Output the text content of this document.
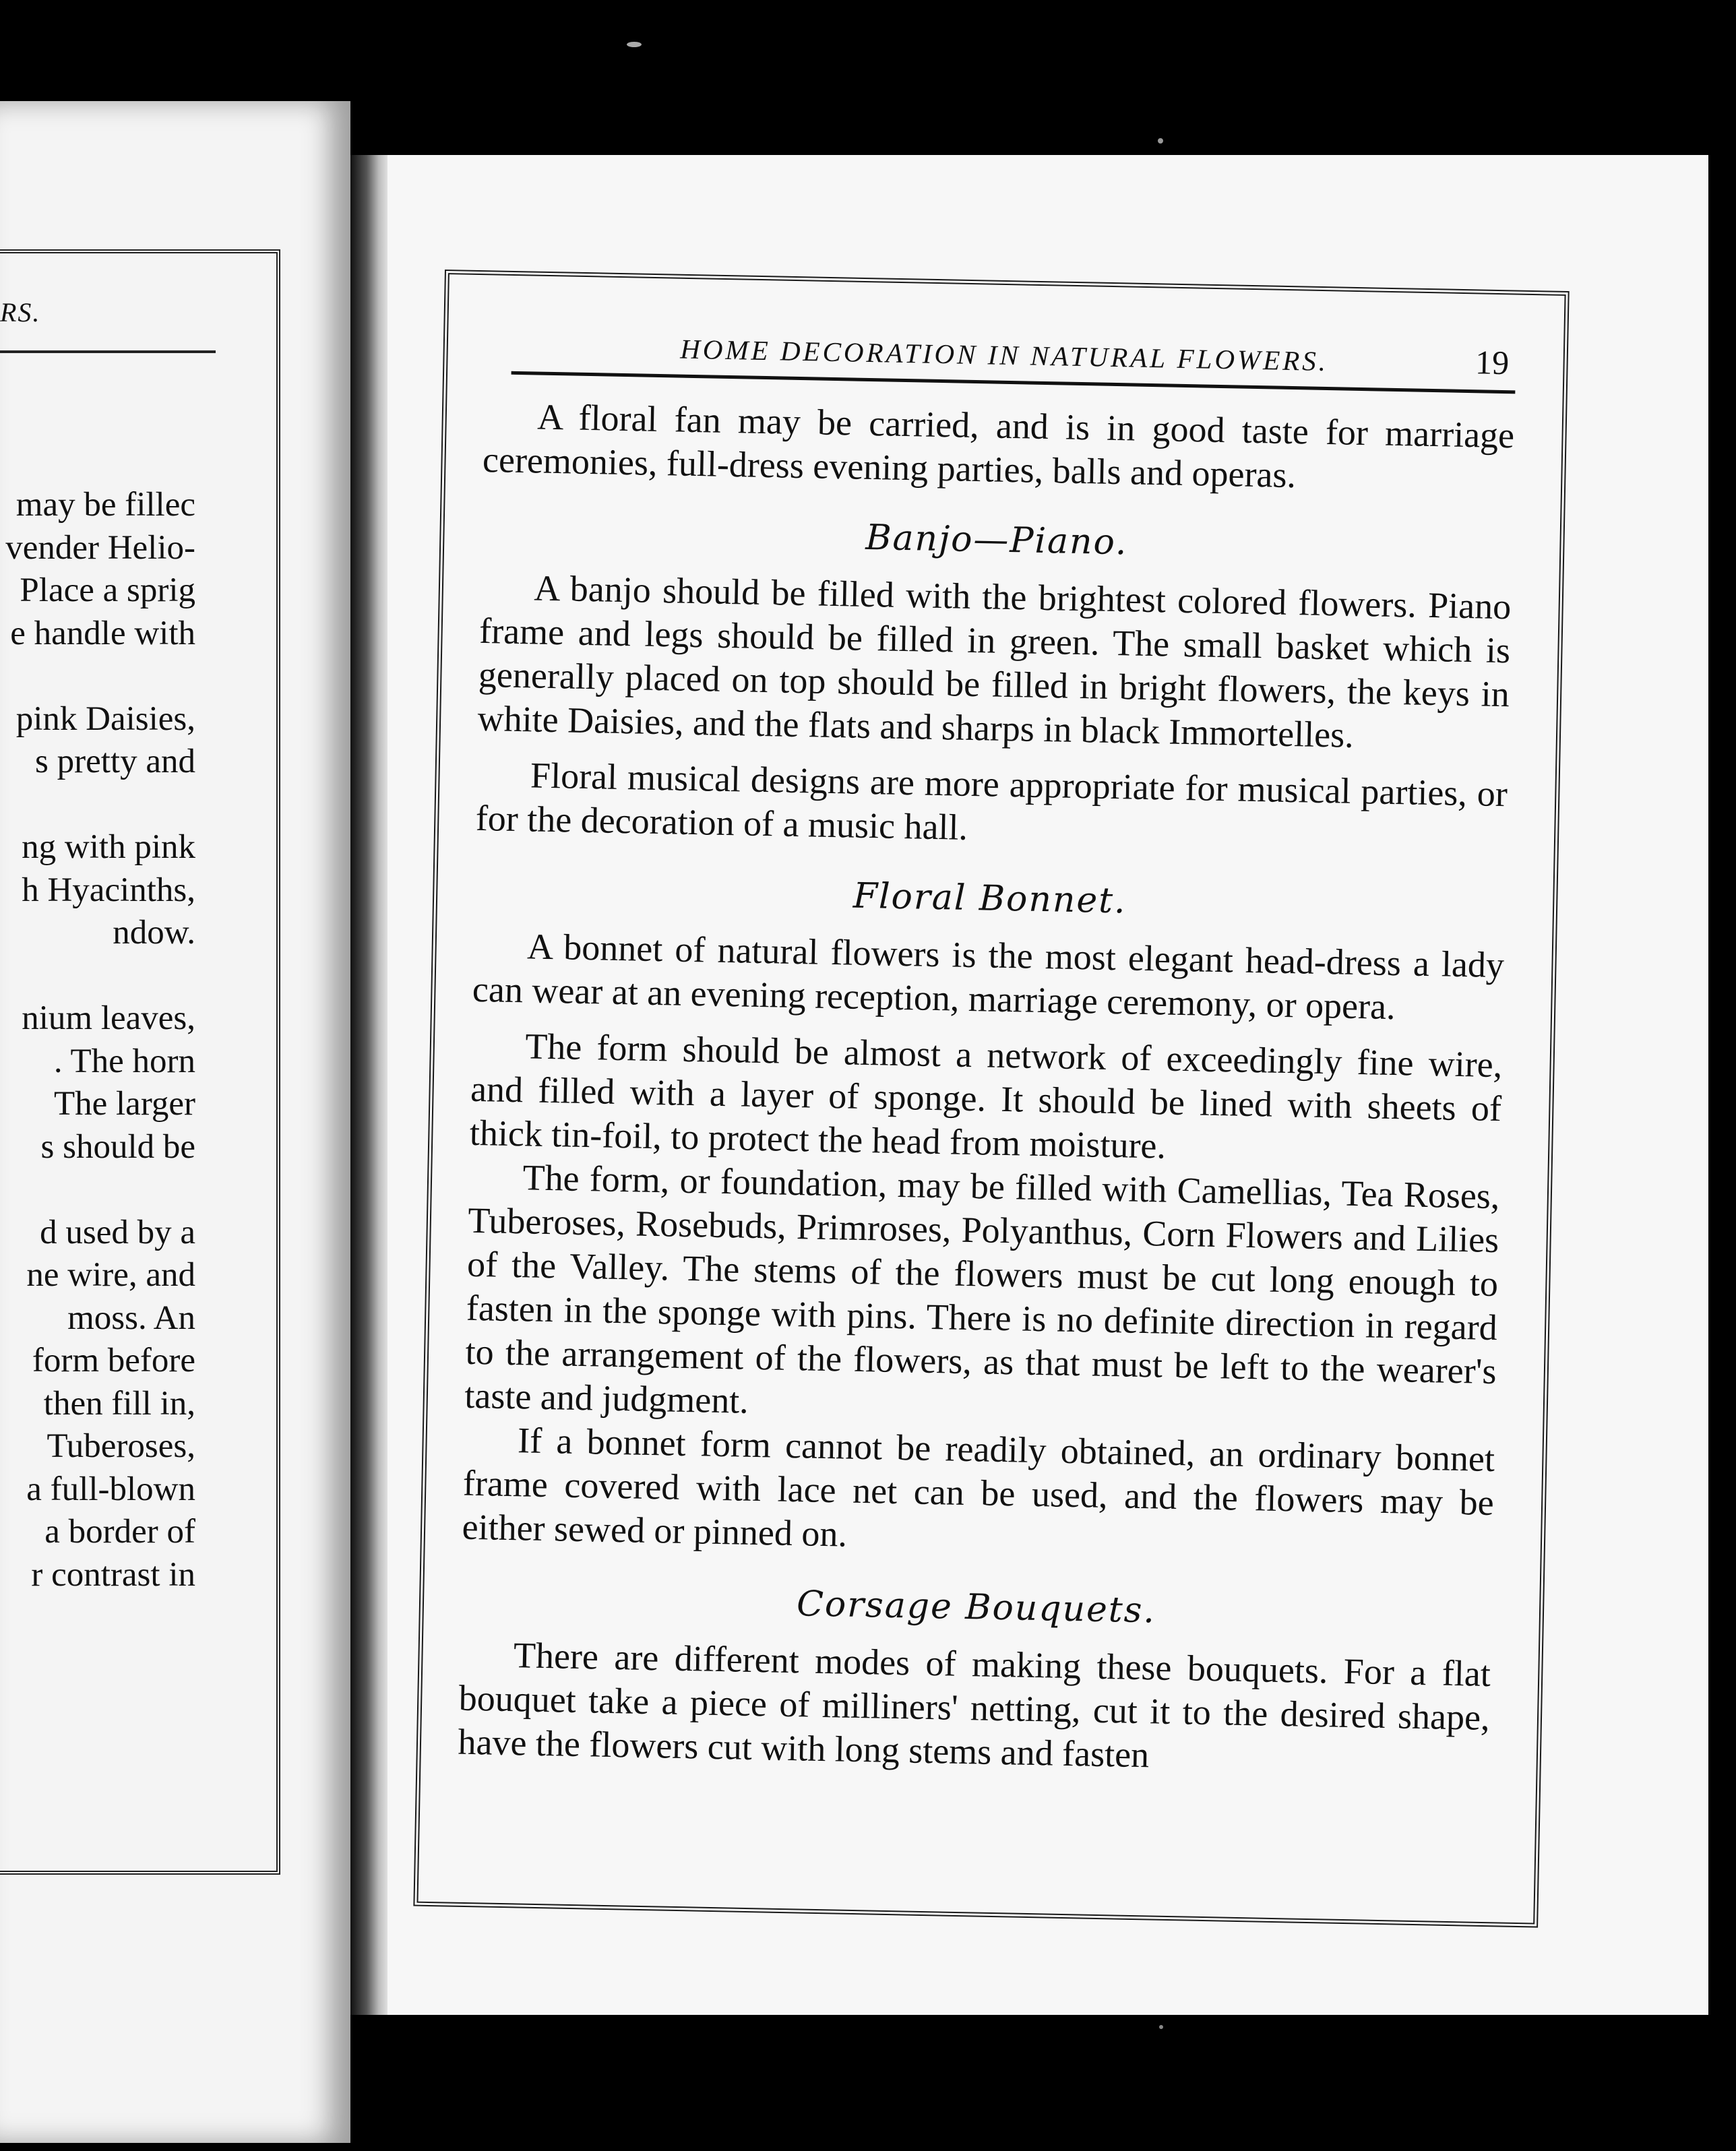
RS.
may be fillec
vender Helio-
Place a sprig
e handle with
pink Daisies,
s pretty and
ng with pink
h Hyacinths,
ndow.
nium leaves,
. The horn
The larger
s should be
d used by a
ne wire, and
moss. An
form before
then fill in,
Tuberoses,
a full-blown
a border of
r contrast in
HOME DECORATION IN NATURAL FLOWERS.	19

A floral fan may be carried, and is in good taste for marriage ceremonies, full-dress evening parties, balls and operas.

Banjo—Piano.

A banjo should be filled with the brightest colored flowers. Piano frame and legs should be filled in green. The small basket which is generally placed on top should be filled in bright flowers, the keys in white Daisies, and the flats and sharps in black Immortelles.

Floral musical designs are more appropriate for musical parties, or for the decoration of a music hall.

Floral Bonnet.

A bonnet of natural flowers is the most elegant head-dress a lady can wear at an evening reception, marriage ceremony, or opera.

The form should be almost a network of exceedingly fine wire, and filled with a layer of sponge. It should be lined with sheets of thick tin-foil, to protect the head from moisture.

The form, or foundation, may be filled with Camellias, Tea Roses, Tuberoses, Rosebuds, Primroses, Polyanthus, Corn Flowers and Lilies of the Valley. The stems of the flowers must be cut long enough to fasten in the sponge with pins. There is no definite direction in regard to the arrangement of the flowers, as that must be left to the wearer's taste and judgment.

If a bonnet form cannot be readily obtained, an ordinary bonnet frame covered with lace net can be used, and the flowers may be either sewed or pinned on.

Corsage Bouquets.

There are different modes of making these bouquets. For a flat bouquet take a piece of milliners' netting, cut it to the desired shape, have the flowers cut with long stems and fasten
